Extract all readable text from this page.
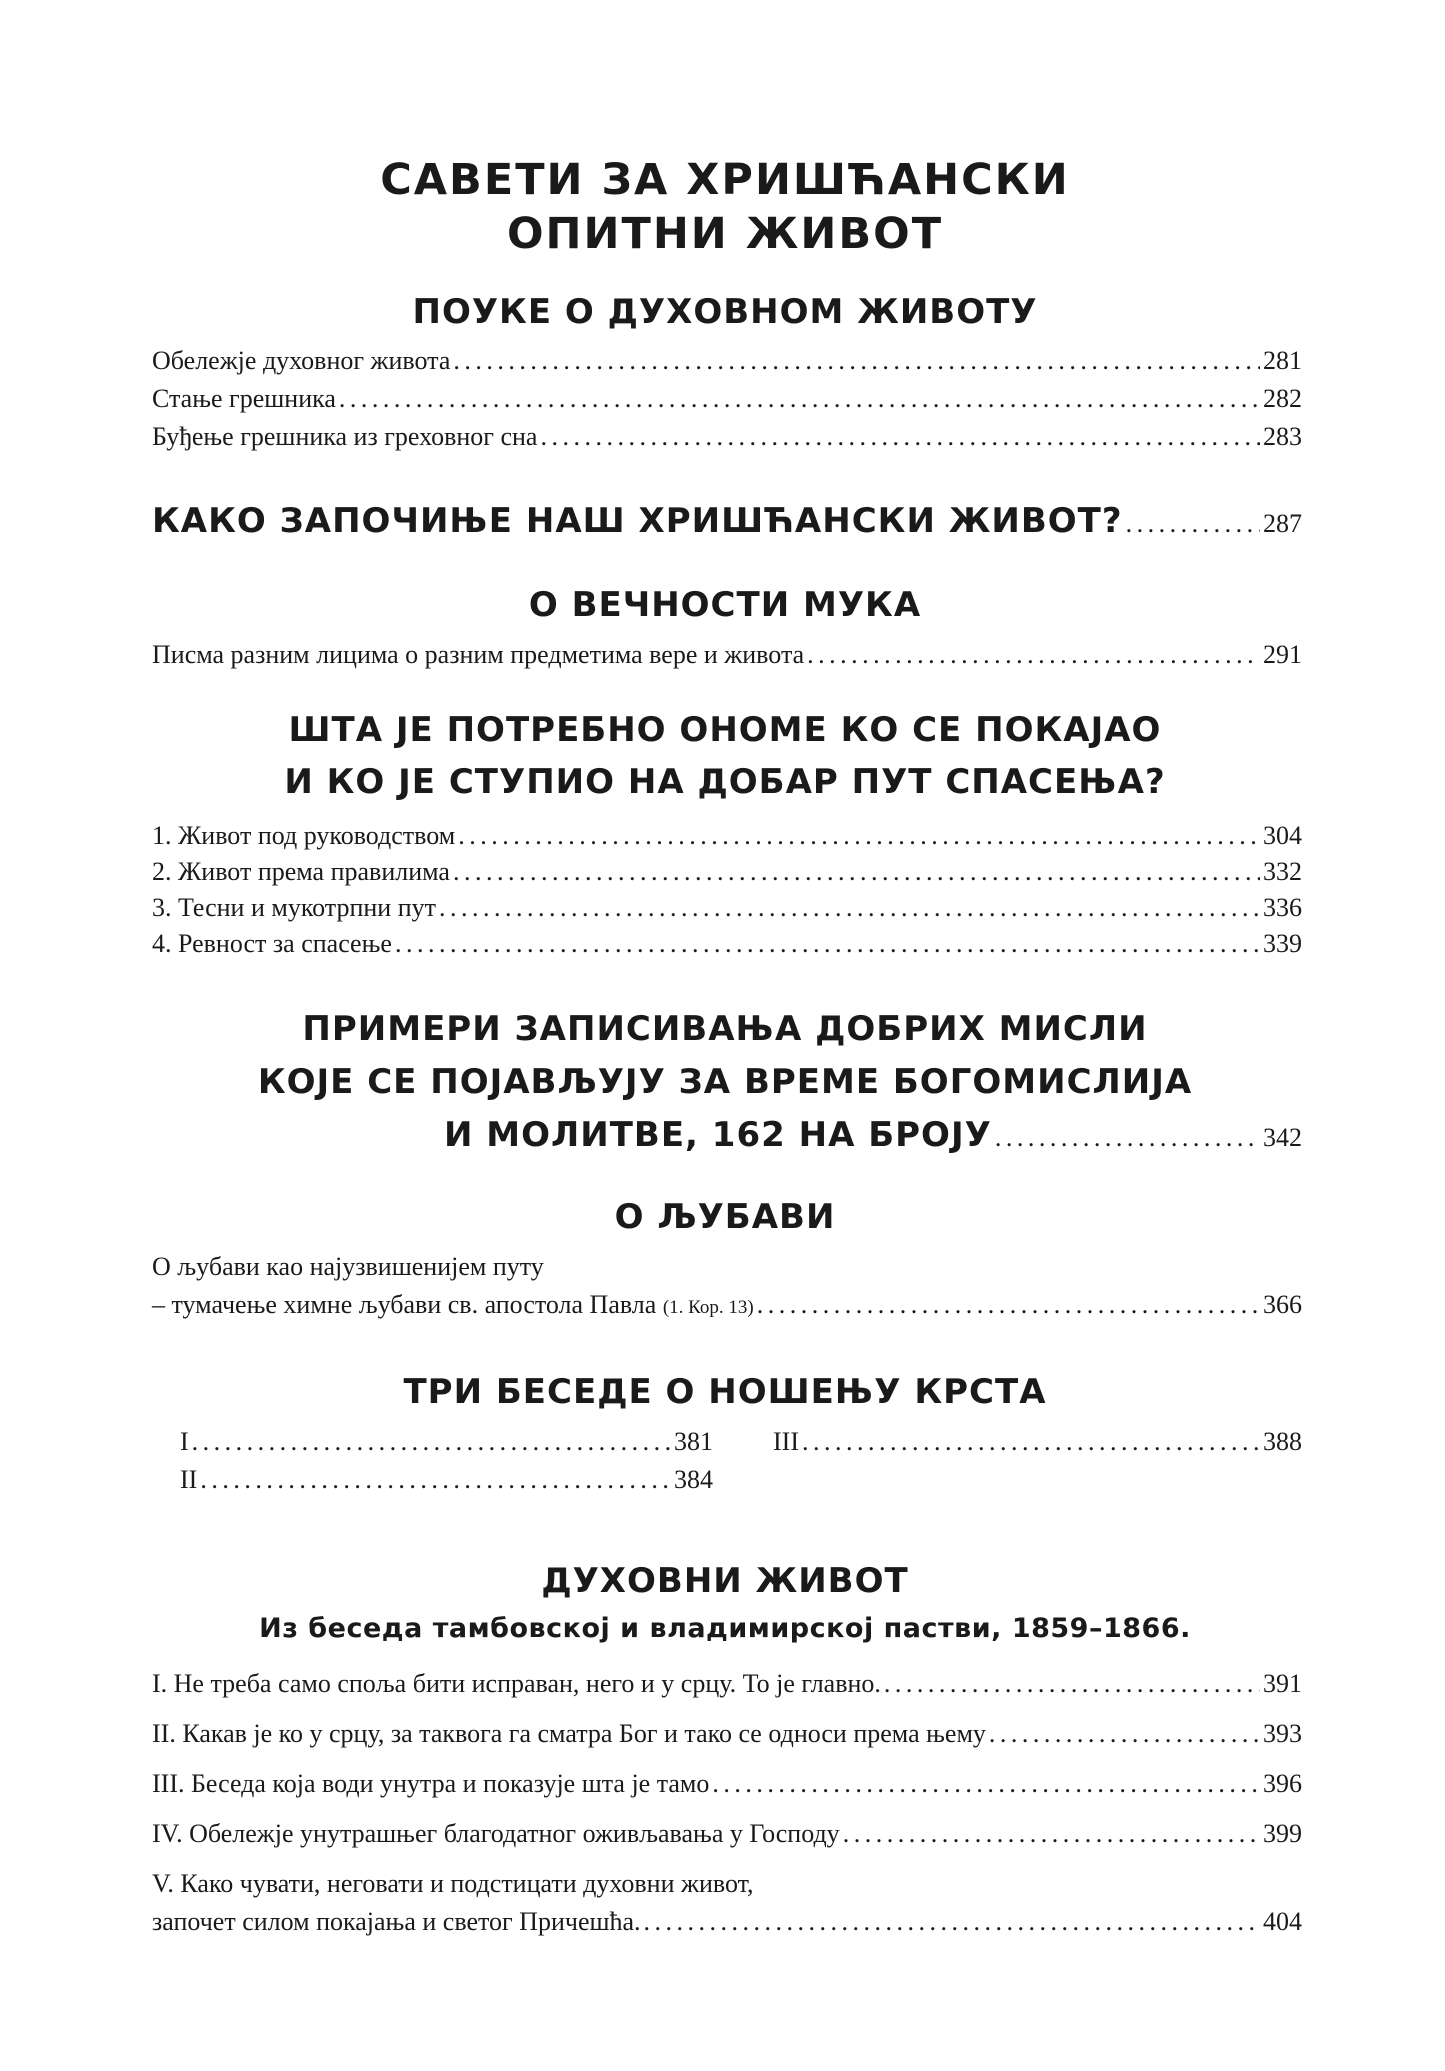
САВЕТИ ЗА ХРИШЋАНСКИ
ОПИТНИ ЖИВОТ
ПОУКЕ О ДУХОВНОМ ЖИВОТУ
Обележје духовног живота . . .	281
Стање грешника . . .	282
Буђење грешника из греховног сна . . .	283
КАКО ЗАПОЧИЊЕ НАШ ХРИШЋАНСКИ ЖИВОТ? . . .	287
О ВЕЧНОСТИ МУКА
Писма разним лицима о разним предметима вере и живота . . .	291
ШТА ЈЕ ПОТРЕБНО ОНОМЕ КО СЕ ПОКАЈАО
И КО ЈЕ СТУПИО НА ДОБАР ПУТ СПАСЕЊА?
1. Живот под руководством . . .	304
2. Живот према правилима . . .	332
3. Тесни и мукотрпни пут . . .	336
4. Ревност за спасење . . .	339
ПРИМЕРИ ЗАПИСИВАЊА ДОБРИХ МИСЛИ
КОЈЕ СЕ ПОЈАВЉУЈУ ЗА ВРЕМЕ БОГОМИСЛИЈА
И МОЛИТВЕ, 162 НА БРОЈУ . . .	342
О ЉУБАВИ
О љубави као најузвишенијем путу
– тумачење химне љубави св. апостола Павла (1. Кор. 13) . . .	366
ТРИ БЕСЕДЕ О НОШЕЊУ КРСТА
I . . .	381
II . . .	384
III . . .	388
ДУХОВНИ ЖИВОТ
Из беседа тамбовској и владимирској пастви, 1859–1866.
I. Не треба само споља бити исправан, него и у срцу. То је главно. . . .	391
II. Какав је ко у срцу, за таквога га сматра Бог и тако се односи према њему . . .	393
III. Беседа која води унутра и показује шта је тамо . . .	396
IV. Обележје унутрашњег благодатног оживљавања у Господу . . .	399
V. Како чувати, неговати и подстицати духовни живот,
започет силом покајања и светог Причешћа. . . .	404
